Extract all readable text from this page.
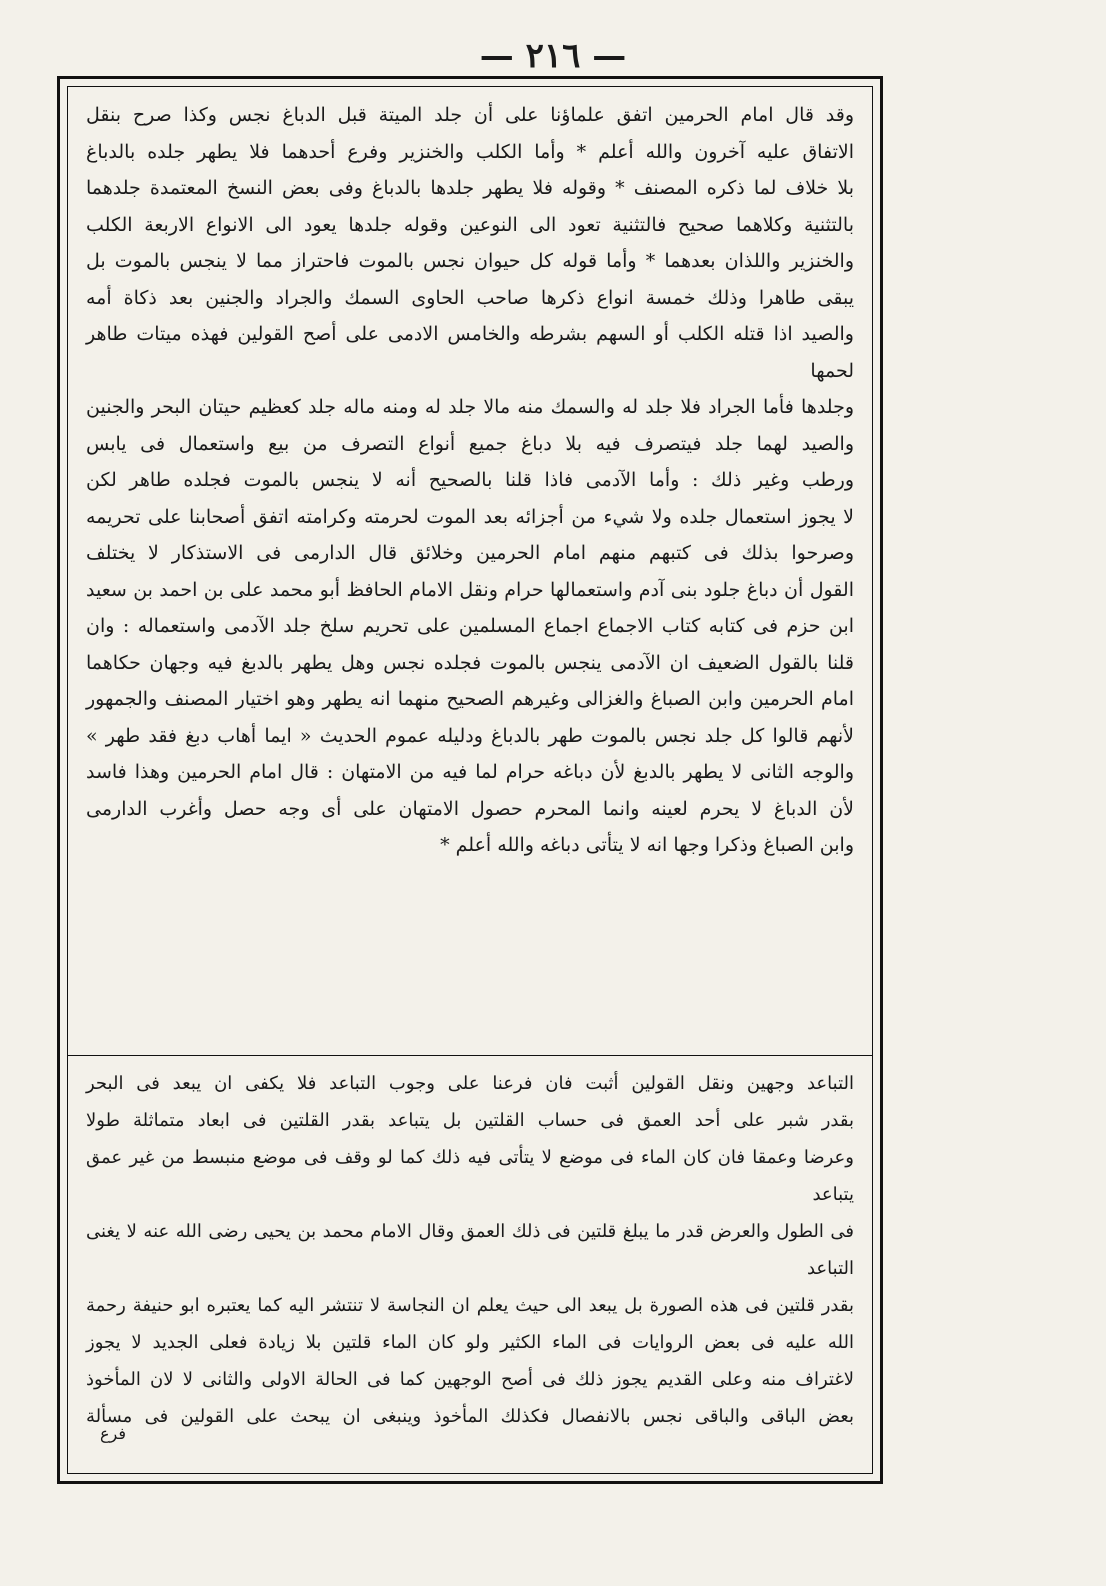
— ٢١٦ —

وقد قال امام الحرمين اتفق علماؤنا على أن جلد الميتة قبل الدباغ نجس وكذا صرح بنقل

الاتفاق عليه آخرون والله أعلم * وأما الكلب والخنزير وفرع أحدهما فلا يطهر جلده بالدباغ

بلا خلاف لما ذكره المصنف * وقوله فلا يطهر جلدها بالدباغ وفى بعض النسخ المعتمدة جلدهما

بالتثنية وكلاهما صحيح فالتثنية تعود الى النوعين وقوله جلدها يعود الى الانواع الاربعة الكلب

والخنزير واللذان بعدهما * وأما قوله كل حيوان نجس بالموت فاحتراز مما لا ينجس بالموت بل

يبقى طاهرا وذلك خمسة انواع ذكرها صاحب الحاوى السمك والجراد والجنين بعد ذكاة أمه

والصيد اذا قتله الكلب أو السهم بشرطه والخامس الادمى على أصح القولين فهذه ميتات طاهر لحمها

وجلدها فأما الجراد فلا جلد له والسمك منه مالا جلد له ومنه ماله جلد كعظيم حيتان البحر والجنين

والصيد لهما جلد فيتصرف فيه بلا دباغ جميع أنواع التصرف من بيع واستعمال فى يابس

ورطب وغير ذلك : وأما الآدمى فاذا قلنا بالصحيح أنه لا ينجس بالموت فجلده طاهر لكن

لا يجوز استعمال جلده ولا شيء من أجزائه بعد الموت لحرمته وكرامته اتفق أصحابنا على تحريمه

وصرحوا بذلك فى كتبهم منهم امام الحرمين وخلائق قال الدارمى فى الاستذكار لا يختلف

القول أن دباغ جلود بنى آدم واستعمالها حرام ونقل الامام الحافظ أبو محمد على بن احمد بن سعيد

ابن حزم فى كتابه كتاب الاجماع اجماع المسلمين على تحريم سلخ جلد الآدمى واستعماله : وان

قلنا بالقول الضعيف ان الآدمى ينجس بالموت فجلده نجس وهل يطهر بالدبغ فيه وجهان حكاهما

امام الحرمين وابن الصباغ والغزالى وغيرهم الصحيح منهما انه يطهر وهو اختيار المصنف والجمهور

لأنهم قالوا كل جلد نجس بالموت طهر بالدباغ ودليله عموم الحديث « ايما أهاب دبغ فقد طهر »

والوجه الثانى لا يطهر بالدبغ لأن دباغه حرام لما فيه من الامتهان : قال امام الحرمين وهذا فاسد

لأن الدباغ لا يحرم لعينه وانما المحرم حصول الامتهان على أى وجه حصل وأغرب الدارمى

وابن الصباغ وذكرا وجها انه لا يتأتى دباغه والله أعلم *

التباعد وجهين ونقل القولين أثبت فان فرعنا على وجوب التباعد فلا يكفى ان يبعد فى البحر

بقدر شبر على أحد العمق فى حساب القلتين بل يتباعد بقدر القلتين فى ابعاد متماثلة طولا

وعرضا وعمقا فان كان الماء فى موضع لا يتأتى فيه ذلك كما لو وقف فى موضع منبسط من غير عمق يتباعد

فى الطول والعرض قدر ما يبلغ قلتين فى ذلك العمق وقال الامام محمد بن يحيى رضى الله عنه لا يغنى التباعد

بقدر قلتين فى هذه الصورة بل يبعد الى حيث يعلم ان النجاسة لا تنتشر اليه كما يعتبره ابو حنيفة رحمة

الله عليه فى بعض الروايات فى الماء الكثير ولو كان الماء قلتين بلا زيادة فعلى الجديد لا يجوز

لاغتراف منه وعلى القديم يجوز ذلك فى أصح الوجهين كما فى الحالة الاولى والثانى لا لان المأخوذ

بعض الباقى والباقى نجس بالانفصال فكذلك المأخوذ وينبغى ان يبحث على القولين فى مسألة

فرع
